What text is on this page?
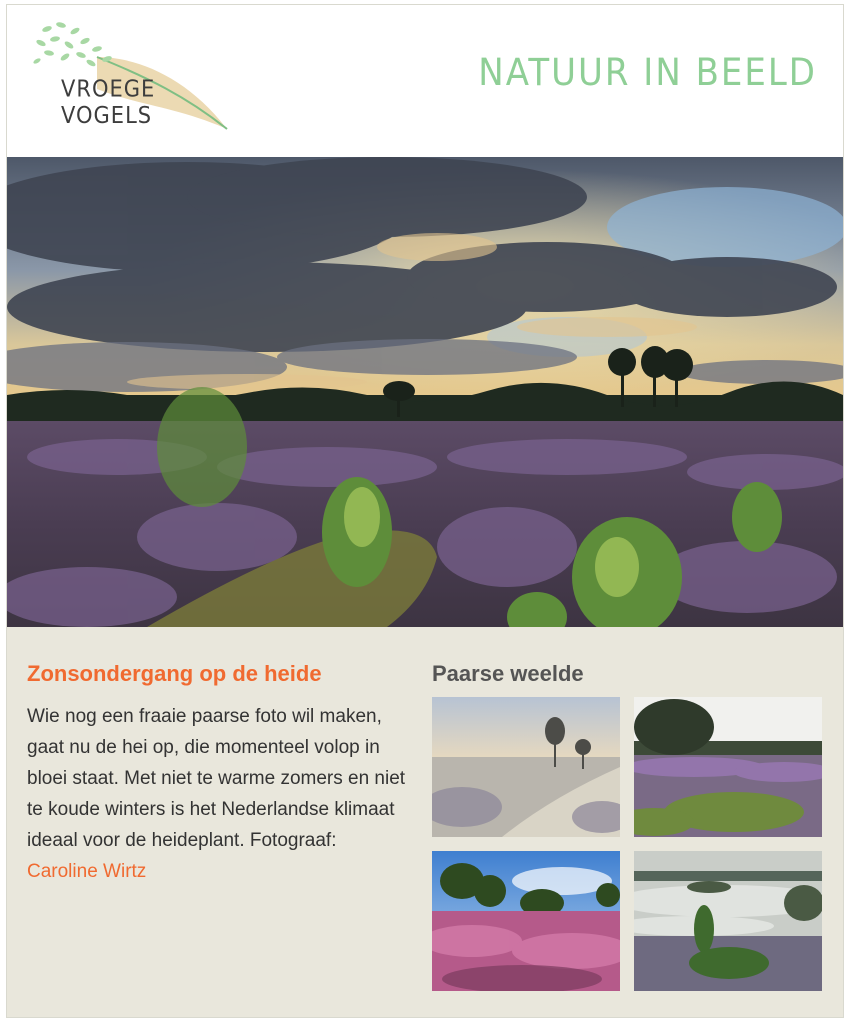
VROEGE VOGELS
NATUUR IN BEELD
Zonsondergang op de heide

Wie nog een fraaie paarse foto wil maken, gaat nu de hei op, die momenteel volop in bloei staat. Met niet te warme zomers en niet te koude winters is het Nederlandse klimaat ideaal voor de heideplant. Fotograaf: Caroline Wirtz

Paarse weelde
